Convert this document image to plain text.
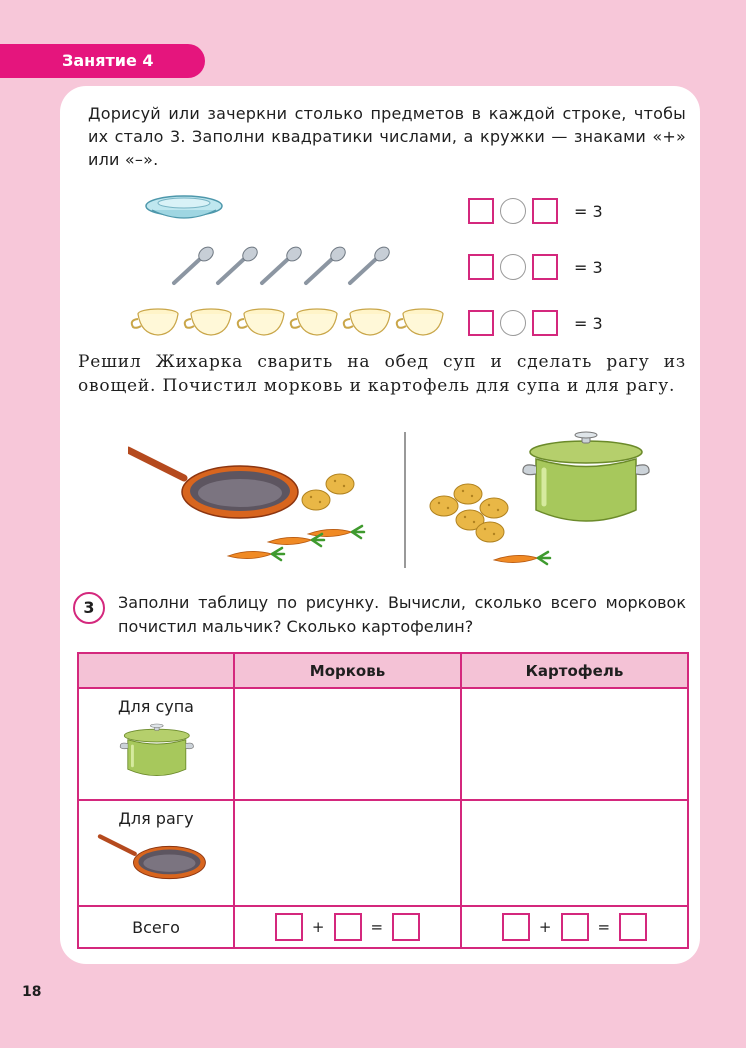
Занятие 4

Дорисуй или зачеркни столько предметов в каждой строке, чтобы их стало 3. Заполни квадратики числами, а кружки — знаками «+» или «–».

= 3
= 3
= 3

Решил Жихарка сварить на обед суп и сделать рагу из овощей. Почистил морковь и картофель для супа и для рагу.

3	Заполни таблицу по рисунку. Вычисли, сколько всего морковок почистил мальчик? Сколько картофелин?

	Морковь	Картофель

Для супа		

Для рагу		

Всего	+ =	+ =
18
